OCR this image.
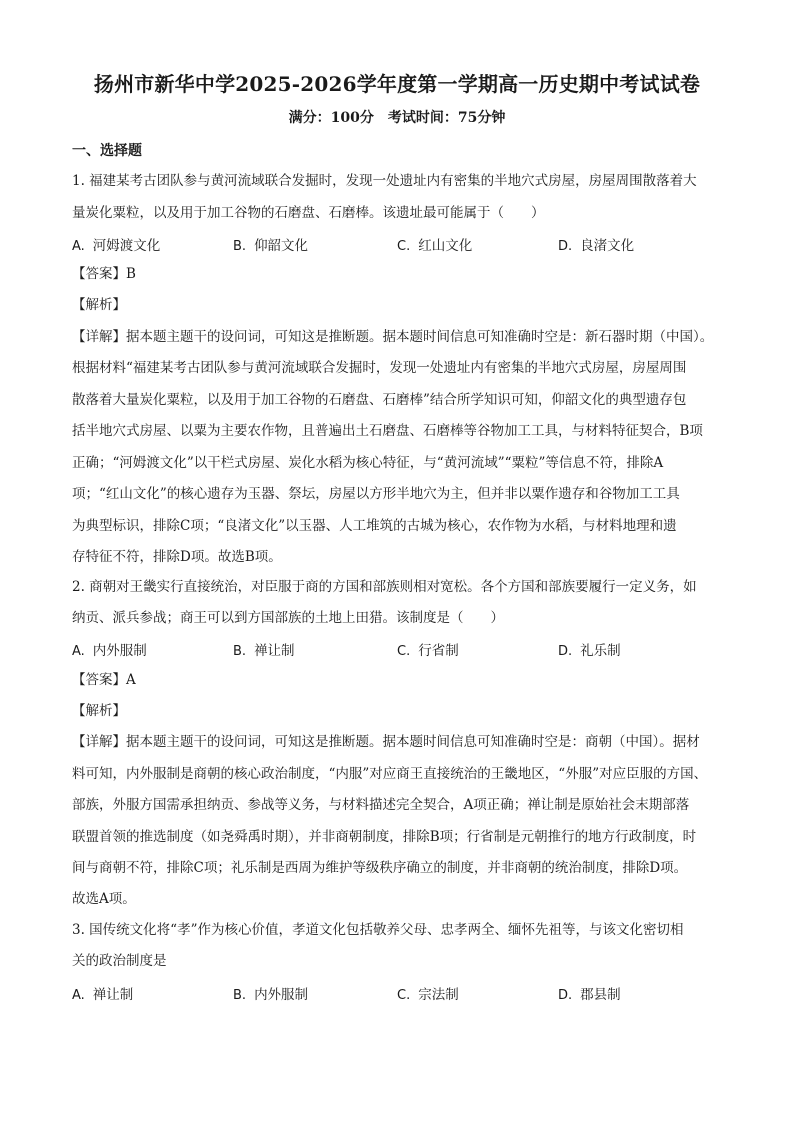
扬州市新华中学2025-2026学年度第一学期高一历史期中考试试卷
满分：100分　考试时间：75分钟
一、选择题
1. 福建某考古团队参与黄河流域联合发掘时，发现一处遗址内有密集的半地穴式房屋，房屋周围散落着大
量炭化粟粒，以及用于加工谷物的石磨盘、石磨棒。该遗址最可能属于（　　）
A. 河姆渡文化	B. 仰韶文化	C. 红山文化	D. 良渚文化
【答案】B
【解析】
【详解】据本题主题干的设问词，可知这是推断题。据本题时间信息可知准确时空是：新石器时期（中国）。
根据材料“福建某考古团队参与黄河流域联合发掘时，发现一处遗址内有密集的半地穴式房屋，房屋周围
散落着大量炭化粟粒，以及用于加工谷物的石磨盘、石磨棒”结合所学知识可知，仰韶文化的典型遗存包
括半地穴式房屋、以粟为主要农作物，且普遍出土石磨盘、石磨棒等谷物加工工具，与材料特征契合，B项
正确；“河姆渡文化”以干栏式房屋、炭化水稻为核心特征，与“黄河流域”“粟粒”等信息不符，排除A
项；“红山文化”的核心遗存为玉器、祭坛，房屋以方形半地穴为主，但并非以粟作遗存和谷物加工工具
为典型标识，排除C项；“良渚文化”以玉器、人工堆筑的古城为核心，农作物为水稻，与材料地理和遗
存特征不符，排除D项。故选B项。
2. 商朝对王畿实行直接统治，对臣服于商的方国和部族则相对宽松。各个方国和部族要履行一定义务，如
纳贡、派兵参战；商王可以到方国部族的土地上田猎。该制度是（　　）
A. 内外服制	B. 禅让制	C. 行省制	D. 礼乐制
【答案】A
【解析】
【详解】据本题主题干的设问词，可知这是推断题。据本题时间信息可知准确时空是：商朝（中国）。据材
料可知，内外服制是商朝的核心政治制度，“内服”对应商王直接统治的王畿地区，“外服”对应臣服的方国、
部族，外服方国需承担纳贡、参战等义务，与材料描述完全契合，A项正确；禅让制是原始社会末期部落
联盟首领的推选制度（如尧舜禹时期），并非商朝制度，排除B项；行省制是元朝推行的地方行政制度，时
间与商朝不符，排除C项；礼乐制是西周为维护等级秩序确立的制度，并非商朝的统治制度，排除D项。
故选A项。
3. 国传统文化将“孝”作为核心价值，孝道文化包括敬养父母、忠孝两全、缅怀先祖等，与该文化密切相
关的政治制度是
A. 禅让制	B. 内外服制	C. 宗法制	D. 郡县制
